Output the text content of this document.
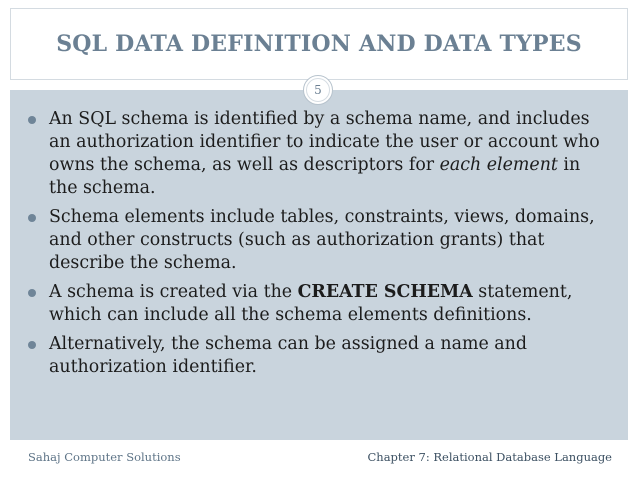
SQL DATA DEFINITION AND DATA TYPES
5
An SQL schema is identified by a schema name, and includes an authorization identifier to indicate the user or account who owns the schema, as well as descriptors for each element in the schema.
Schema elements include tables, constraints, views, domains, and other constructs (such as authorization grants) that describe the schema.
A schema is created via the CREATE SCHEMA statement, which can include all the schema elements definitions.
Alternatively, the schema can be assigned a name and authorization identifier.
Sahaj Computer Solutions	Chapter 7: Relational Database Language
